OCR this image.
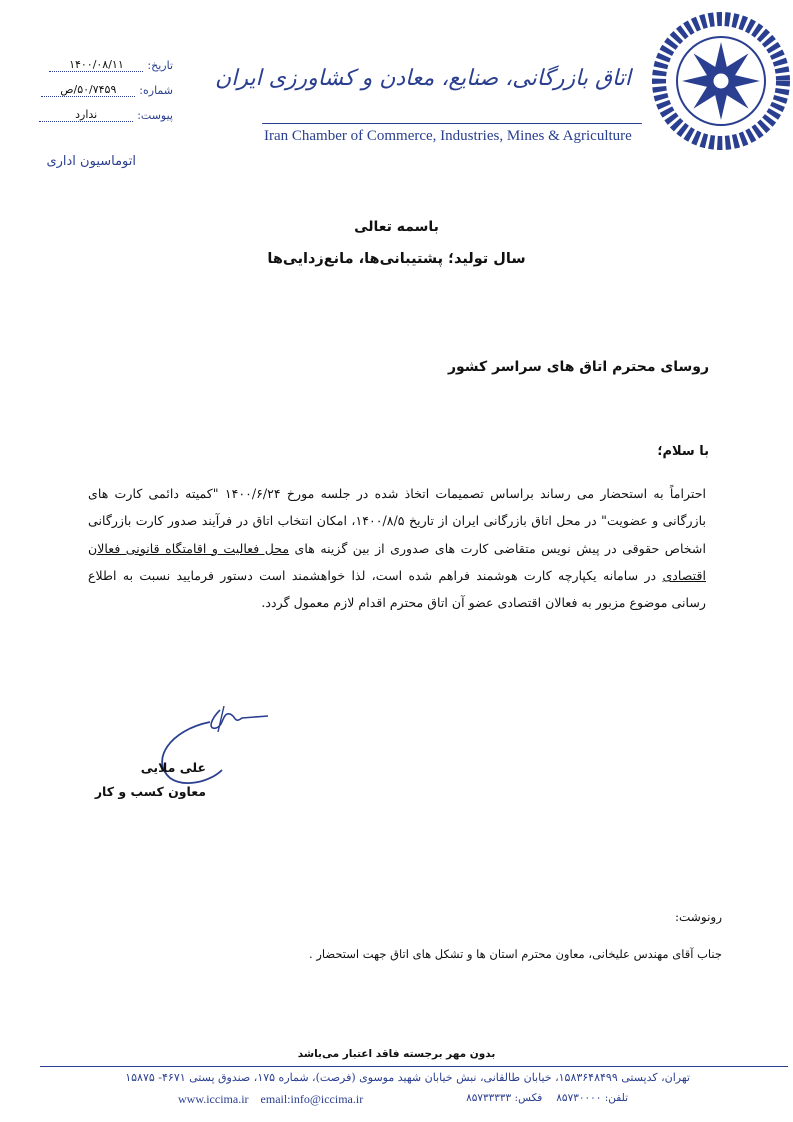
اتاق بازرگانی، صنایع، معادن و کشاورزی ایران
Iran Chamber of Commerce, Industries, Mines & Agriculture
تاریخ:
۱۴۰۰/۰۸/۱۱
شماره:
۵۰/۷۴۵۹/ص
پیوست:
ندارد
اتوماسیون اداری
باسمه تعالی
سال تولید؛ پشتیبانی‌ها، مانع‌زدایی‌ها
روسای محترم اتاق های سراسر کشور
با سلام؛
احتراماً به استحضار می رساند براساس تصمیمات اتخاذ شده در جلسه مورخ ۱۴۰۰/۶/۲۴ "کمیته دائمی کارت های بازرگانی و عضویت" در محل اتاق بازرگانی ایران از تاریخ ۱۴۰۰/۸/۵، امکان انتخاب اتاق در فرآیند صدور کارت بازرگانی اشخاص حقوقی در پیش نویس متقاضی کارت های صدوری از بین گزینه های محل فعالیت و اقامتگاه قانونی فعالان اقتصادی در سامانه یکپارچه کارت هوشمند فراهم شده است، لذا خواهشمند است دستور فرمایید نسبت به اطلاع رسانی موضوع مزبور به فعالان اقتصادی عضو آن اتاق محترم اقدام لازم معمول گردد.
علی ملایی
معاون کسب و کار
رونوشت:
جناب آقای مهندس علیخانی، معاون محترم استان ها و تشکل های اتاق جهت استحضار .
بدون مهر برجسته فاقد اعتبار می‌باشد
تهران، کدپستی ۱۵۸۳۶۴۸۴۹۹، خیابان طالقانی، نبش خیابان شهید موسوی (فرصت)، شماره ۱۷۵، صندوق پستی ۴۶۷۱- ۱۵۸۷۵
تلفن: ۸۵۷۳۰۰۰۰
فکس: ۸۵۷۳۳۳۳۳
www.iccima.ir email:info@iccima.ir
